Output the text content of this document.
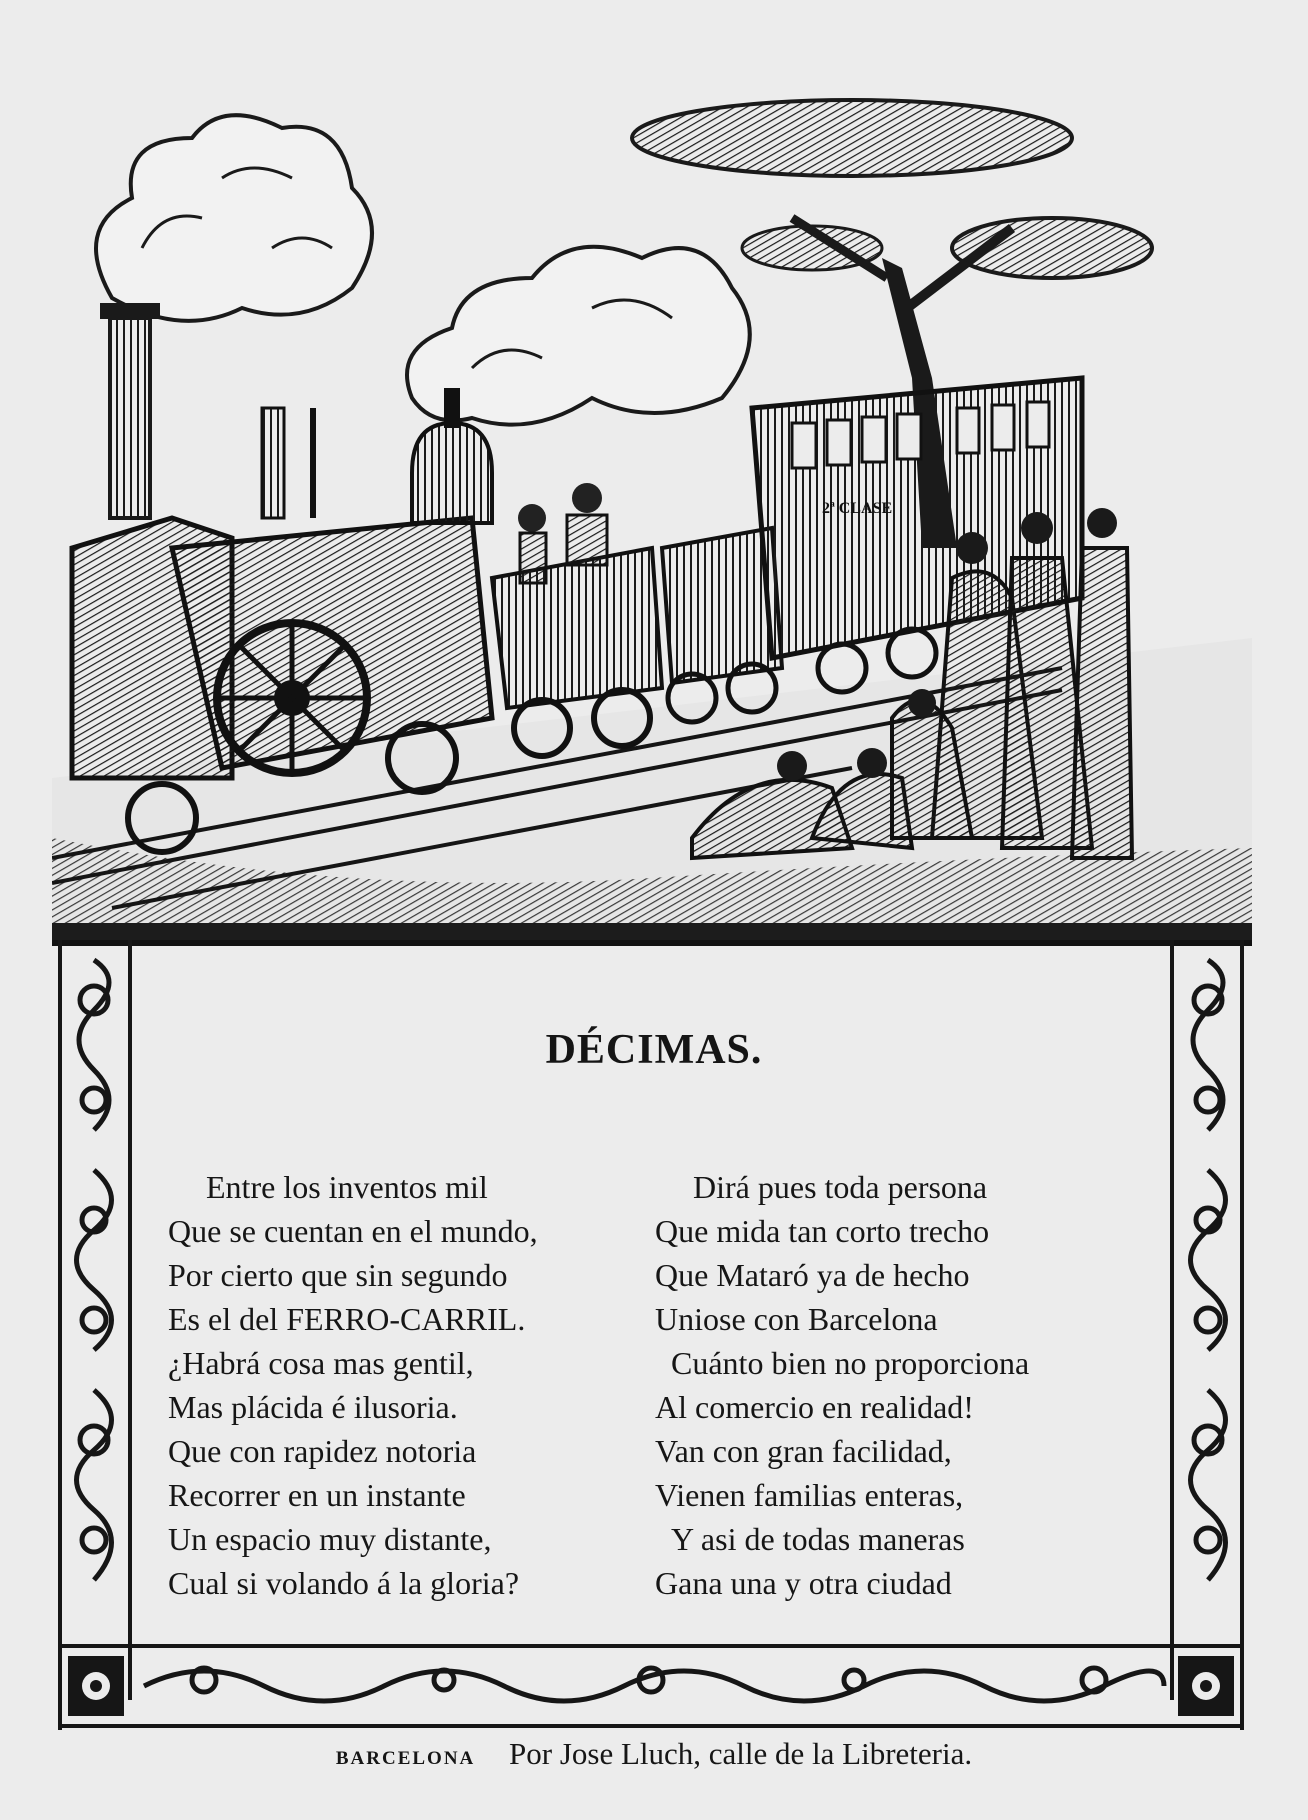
2ª CLASE
DÉCIMAS.
Entre los inventos mil
Que se cuentan en el mundo,
Por cierto que sin segundo
Es el del FERRO-CARRIL.
¿Habrá cosa mas gentil,
Mas plácida é ilusoria.
Que con rapidez notoria
Recorrer en un instante
Un espacio muy distante,
Cual si volando á la gloria?
Dirá pues toda persona
Que mida tan corto trecho
Que Mataró ya de hecho
Uniose con Barcelona
Cuánto bien no proporciona
Al comercio en realidad!
Van con gran facilidad,
Vienen familias enteras,
Y asi de todas maneras
Gana una y otra ciudad
BARCELONA Por Jose Lluch, calle de la Libreteria.
